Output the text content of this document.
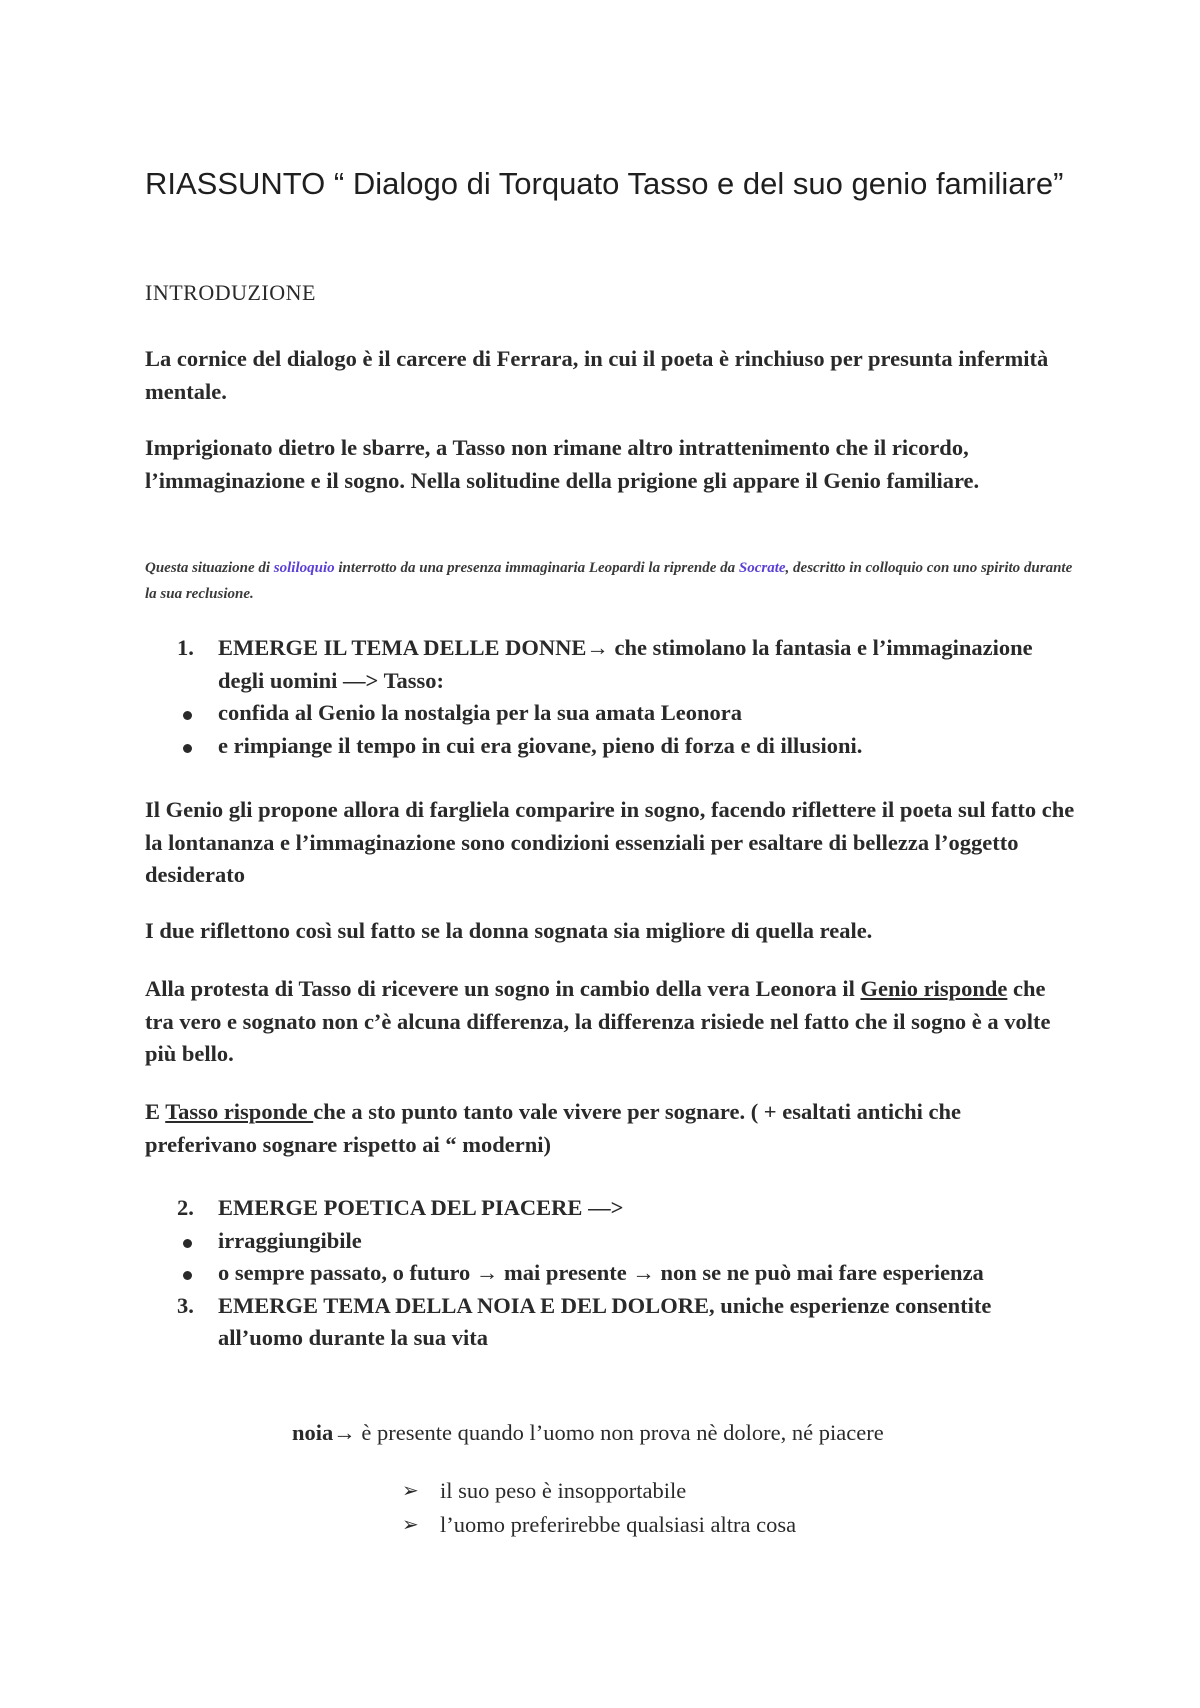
RIASSUNTO “ Dialogo di Torquato Tasso e del suo genio familiare”
INTRODUZIONE
La cornice del dialogo è il carcere di Ferrara, in cui il poeta è rinchiuso per presunta infermità mentale.
Imprigionato dietro le sbarre, a Tasso non rimane altro intrattenimento che il ricordo, l’immaginazione e il sogno. Nella solitudine della prigione gli appare il Genio familiare.
Questa situazione di soliloquio interrotto da una presenza immaginaria Leopardi la riprende da Socrate, descritto in colloquio con uno spirito durante la sua reclusione.
1.	EMERGE IL TEMA DELLE DONNE→ che stimolano la fantasia e l’immaginazione degli uomini —> Tasso:
confida al Genio la nostalgia per la sua amata Leonora
e rimpiange il tempo in cui era giovane, pieno di forza e di illusioni.
Il Genio gli propone allora di fargliela comparire in sogno, facendo riflettere il poeta sul fatto che la lontananza e l’immaginazione sono condizioni essenziali per esaltare di bellezza l’oggetto desiderato
I due riflettono così sul fatto se la donna sognata sia migliore di quella reale.
Alla protesta di Tasso di ricevere un sogno in cambio della vera Leonora il Genio risponde che tra vero e sognato non c’è alcuna differenza, la differenza risiede nel fatto che il sogno è a volte più bello.
E Tasso risponde che a sto punto tanto vale vivere per sognare. ( + esaltati antichi che preferivano sognare rispetto ai “ moderni)
2.	EMERGE POETICA DEL PIACERE —>
irraggiungibile
o sempre passato, o futuro → mai presente → non se ne può mai fare esperienza
3.	EMERGE TEMA DELLA NOIA E DEL DOLORE, uniche esperienze consentite all’uomo durante la sua vita
noia→ è presente quando l’uomo non prova nè dolore, né piacere
➢ il suo peso è insopportabile
➢ l’uomo preferirebbe qualsiasi altra cosa
